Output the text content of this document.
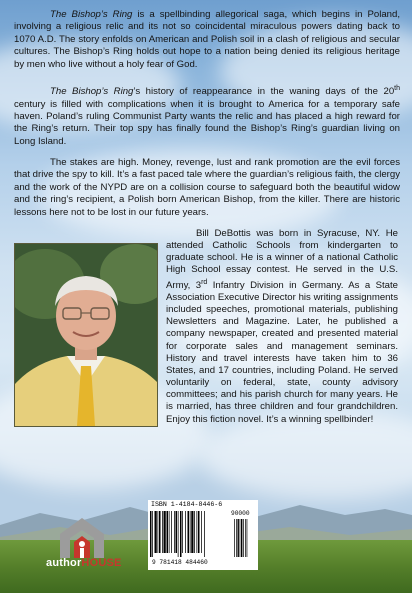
The Bishop’s Ring is a spellbinding allegorical saga, which begins in Poland, involving a religious relic and its not so coincidental miraculous powers dating back to 1070 A.D. The story enfolds on American and Polish soil in a clash of religious and secular cultures. The Bishop’s Ring holds out hope to a nation being denied its religious heritage by men who live without a holy fear of God.

The Bishop’s Ring’s history of reappearance in the waning days of the 20th century is filled with complications when it is brought to America for a temporary safe haven. Poland’s ruling Communist Party wants the relic and has placed a high reward for the Ring’s return. Their top spy has finally found the Bishop’s Ring’s guardian living on Long Island.

The stakes are high. Money, revenge, lust and rank promotion are the evil forces that drive the spy to kill. It’s a fast paced tale where the guardian’s religious faith, the clergy and the work of the NYPD are on a collision course to safeguard both the beautiful widow and the ring’s recipient, a Polish born American Bishop, from the killer. There are historic lessons here not to be lost in our future years.

Bill DeBottis was born in Syracuse, NY. He attended Catholic Schools from kindergarten to graduate school. He is a winner of a national Catholic High School essay contest. He served in the U.S. Army, 3rd Infantry Division in Germany. As a State Association Executive Director his writing assignments included speeches, promotional materials, publishing Newsletters and Magazine. Later, he published a company newspaper, created and presented material for corporate sales and management seminars. History and travel interests have taken him to 36 States, and 17 countries, including Poland. He served voluntarily on federal, state, county advisory committees; and his parish church for many years. He is married, has three children and four grandchildren. Enjoy this fiction novel. It’s a winning spellbinder!

authorHOUSE
ISBN 1-4184-8446-6
90000
9 781418 484460
